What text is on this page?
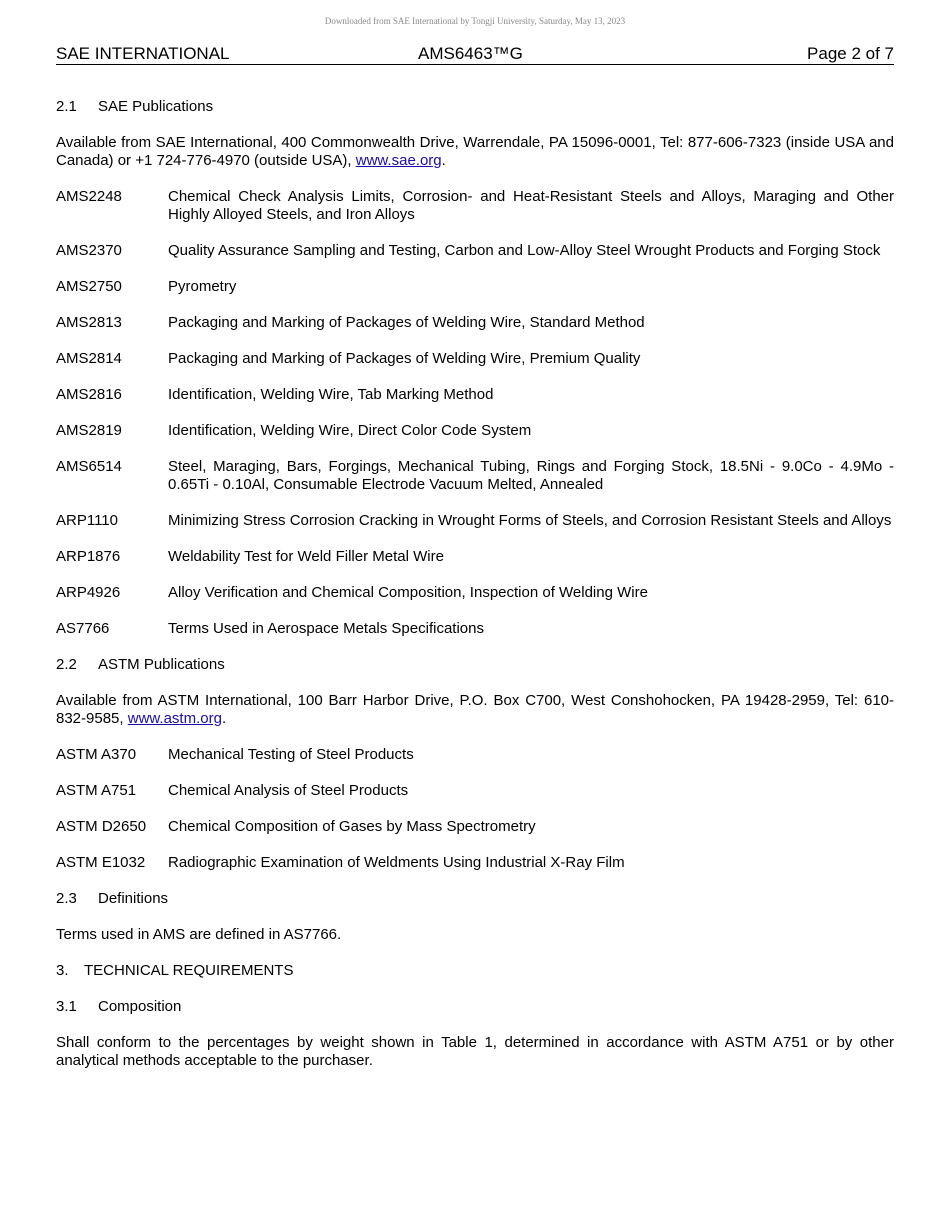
Downloaded from SAE International by Tongji University, Saturday, May 13, 2023
SAE INTERNATIONAL	AMS6463™G	Page 2 of 7
2.1 SAE Publications
Available from SAE International, 400 Commonwealth Drive, Warrendale, PA 15096-0001, Tel: 877-606-7323 (inside USA and Canada) or +1 724-776-4970 (outside USA), www.sae.org.
AMS2248	Chemical Check Analysis Limits, Corrosion- and Heat-Resistant Steels and Alloys, Maraging and Other Highly Alloyed Steels, and Iron Alloys
AMS2370	Quality Assurance Sampling and Testing, Carbon and Low-Alloy Steel Wrought Products and Forging Stock
AMS2750	Pyrometry
AMS2813	Packaging and Marking of Packages of Welding Wire, Standard Method
AMS2814	Packaging and Marking of Packages of Welding Wire, Premium Quality
AMS2816	Identification, Welding Wire, Tab Marking Method
AMS2819	Identification, Welding Wire, Direct Color Code System
AMS6514	Steel, Maraging, Bars, Forgings, Mechanical Tubing, Rings and Forging Stock, 18.5Ni - 9.0Co - 4.9Mo - 0.65Ti - 0.10Al, Consumable Electrode Vacuum Melted, Annealed
ARP1110	Minimizing Stress Corrosion Cracking in Wrought Forms of Steels, and Corrosion Resistant Steels and Alloys
ARP1876	Weldability Test for Weld Filler Metal Wire
ARP4926	Alloy Verification and Chemical Composition, Inspection of Welding Wire
AS7766	Terms Used in Aerospace Metals Specifications
2.2 ASTM Publications
Available from ASTM International, 100 Barr Harbor Drive, P.O. Box C700, West Conshohocken, PA 19428-2959, Tel: 610-832-9585, www.astm.org.
ASTM A370	Mechanical Testing of Steel Products
ASTM A751	Chemical Analysis of Steel Products
ASTM D2650	Chemical Composition of Gases by Mass Spectrometry
ASTM E1032	Radiographic Examination of Weldments Using Industrial X-Ray Film
2.3 Definitions
Terms used in AMS are defined in AS7766.
3. TECHNICAL REQUIREMENTS
3.1 Composition
Shall conform to the percentages by weight shown in Table 1, determined in accordance with ASTM A751 or by other analytical methods acceptable to the purchaser.
